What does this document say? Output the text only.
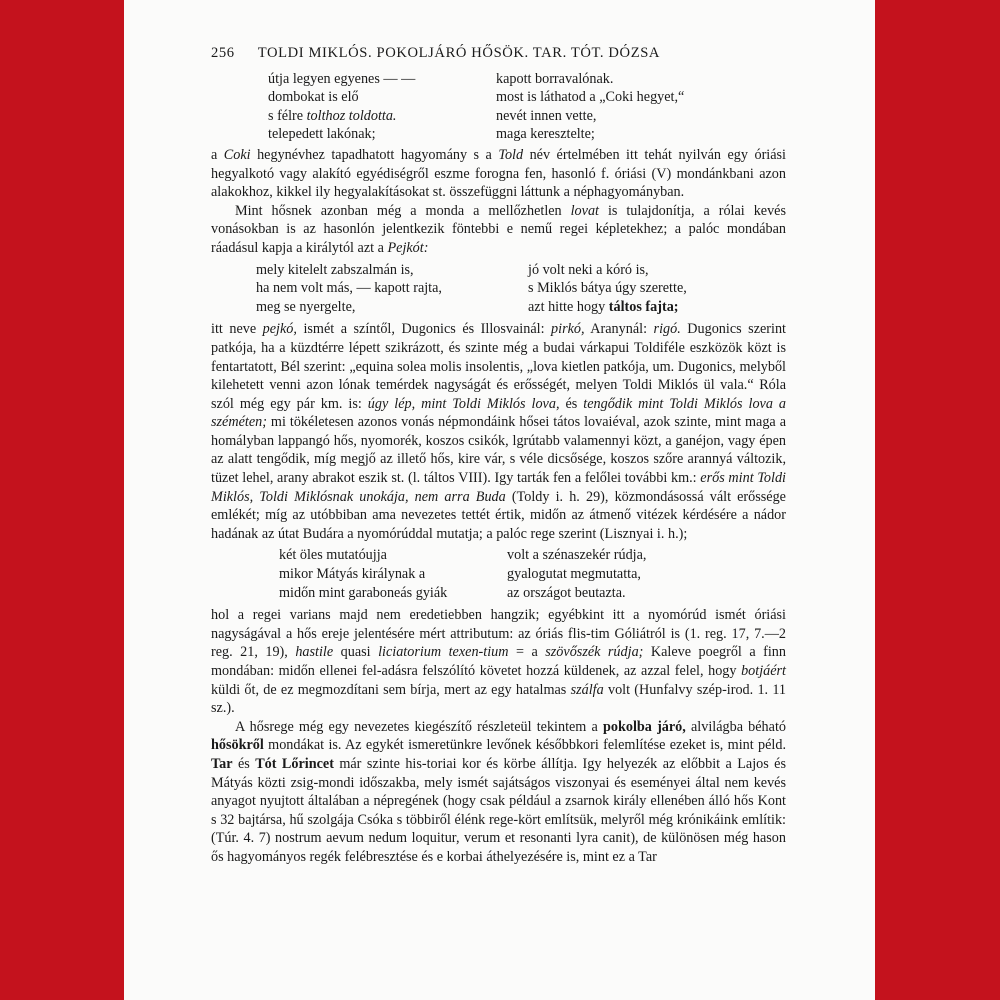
256 TOLDI MIKLÓS. POKOLJÁRÓ HŐSÖK. TAR. TÓT. DÓZSA
útja legyen egyenes — —	kapott borravalónak.
dombokat is elő	most is láthatod a „Coki hegyet,“
s félre tolthoz toldotta.	nevét innen vette,
telepedett lakónak;	maga keresztelte;

a Coki hegynévhez tapadhatott hagyomány s a Told név értelmében itt tehát nyilván egy óriási hegyalkotó vagy alakító egyédiségről eszme forogna fen, hasonló f. óriási (V) mondánkbani azon alakokhoz, kikkel ily hegyalakításokat st. összefüggni láttunk a néphagyományban.

Mint hősnek azonban még a monda a mellőzhetlen lovat is tulajdonítja, a rólai kevés vonásokban is az hasonlón jelentkezik föntebbi e nemű regei képletekhez; a palóc mondában ráadásul kapja a királytól azt a Pejkót:

mely kitelelt zabszalmán is,	jó volt neki a kóró is,
ha nem volt más, — kapott rajta,	s Miklós bátya úgy szerette,
meg se nyergelte,	azt hitte hogy táltos fajta;

itt neve pejkó, ismét a színtől, Dugonics és Illosvainál: pirkó, Aranynál: rigó. Dugonics szerint patkója, ha a küzdtérre lépett szikrázott, és szinte még a budai várkapui Toldiféle eszközök közt is fentartatott, Bél szerint: „equina solea molis insolentis, „lova kietlen patkója, um. Dugonics, melyből kilehetett venni azon lónak temérdek nagyságát és erősségét, melyen Toldi Miklós ül vala.“ Róla szól még egy pár km. is: úgy lép, mint Toldi Miklós lova, és tengődik mint Toldi Miklós lova a széméten; mi tökéletesen azonos vonás népmondáink hősei tátos lovaiéval, azok szinte, mint maga a homályban lappangó hős, nyomorék, koszos csikók, lgrútabb valamennyi közt, a ganéjon, vagy épen az alatt tengődik, míg megjő az illető hős, kire vár, s véle dicsősége, koszos szőre arannyá változik, tüzet lehel, arany abrakot eszik st. (l. táltos VIII). Igy tarták fen a felőlei további km.: erős mint Toldi Miklós, Toldi Miklósnak unokája, nem arra Buda (Toldy i. h. 29), közmondásossá vált erőssége emlékét; míg az utóbbiban ama nevezetes tettét értik, midőn az átmenő vitézek kérdésére a nádor hadának az útat Budára a nyomórúddal mutatja; a palóc rege szerint (Lisznyai i. h.);

két öles mutatóujja	volt a szénaszekér rúdja,
mikor Mátyás királynak a	gyalogutat megmutatta,
midőn mint garaboneás gyiák	az országot beutazta.

hol a regei varians majd nem eredetiebben hangzik; egyébkint itt a nyomórúd ismét óriási nagyságával a hős ereje jelentésére mért attributum: az óriás flis-tim Góliátról is (1. reg. 17, 7.—2 reg. 21, 19), hastile quasi liciatorium texen-tium = a szövőszék rúdja; Kaleve poegről a finn mondában: midőn ellenei fel-adásra felszólító követet hozzá küldenek, az azzal felel, hogy botjáért küldi őt, de ez megmozdítani sem bírja, mert az egy hatalmas szálfa volt (Hunfalvy szép-irod. 1. 11 sz.).

A hősrege még egy nevezetes kiegészítő részleteül tekintem a pokolba járó, alvilágba béható hősökről mondákat is. Az egykét ismeretünkre levőnek későbbkori felemlítése ezeket is, mint péld. Tar és Tót Lőrincet már szinte his-toriai kor és körbe állítja. Igy helyezék az előbbit a Lajos és Mátyás közti zsig-mondi időszakba, mely ismét sajátságos viszonyai és eseményei által nem kevés anyagot nyujtott általában a népregének (hogy csak például a zsarnok király ellenében álló hős Kont s 32 bajtársa, hű szolgája Csóka s többiről élénk rege-kört említsük, melyről még krónikáink említik: (Túr. 4. 7) nostrum aevum nedum loquitur, verum et resonanti lyra canit), de különösen még hason ős hagyományos regék felébresztése és e korbai áthelyezésére is, mint ez a Tar
